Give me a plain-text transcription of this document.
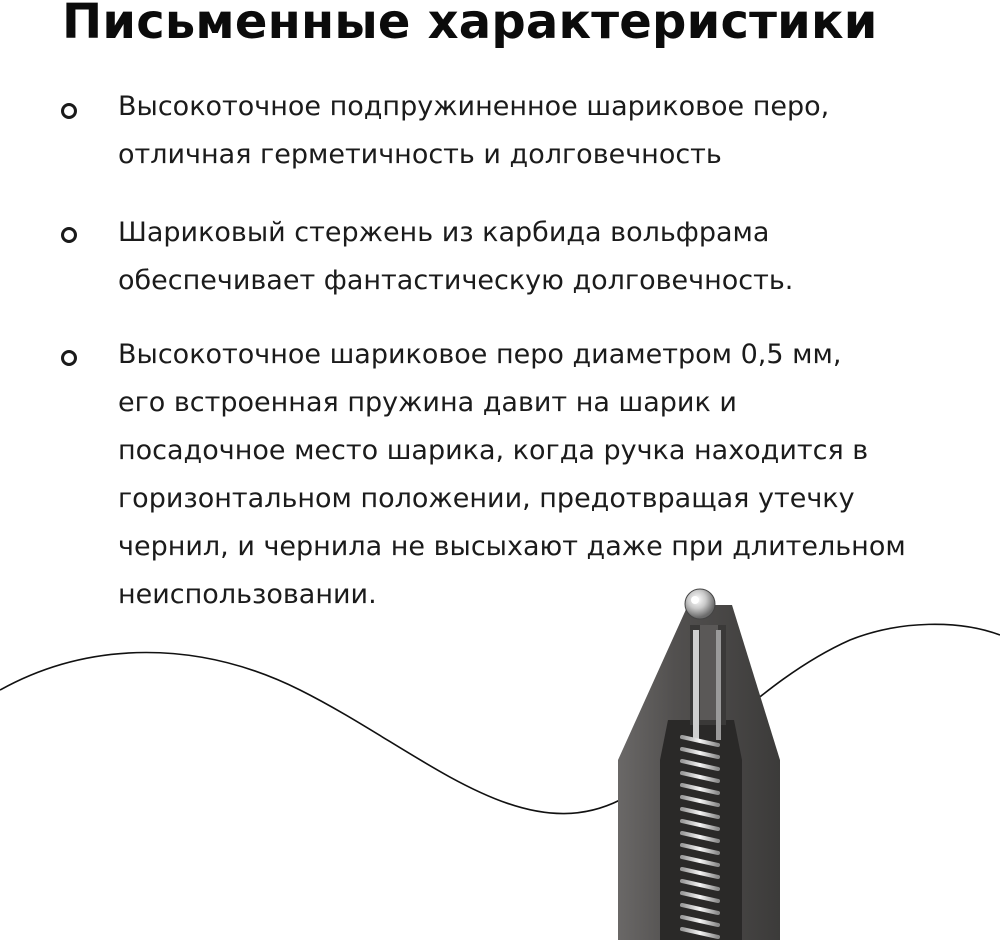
Письменные характеристики

Высокоточное подпружиненное шариковое перо,
отличная герметичность и долговечность

Шариковый стержень из карбида вольфрама
обеспечивает фантастическую долговечность.

Высокоточное шариковое перо диаметром 0,5 мм,
его встроенная пружина давит на шарик и
посадочное место шарика, когда ручка находится в
горизонтальном положении, предотвращая утечку
чернил, и чернила не высыхают даже при длительном
неиспользовании.
